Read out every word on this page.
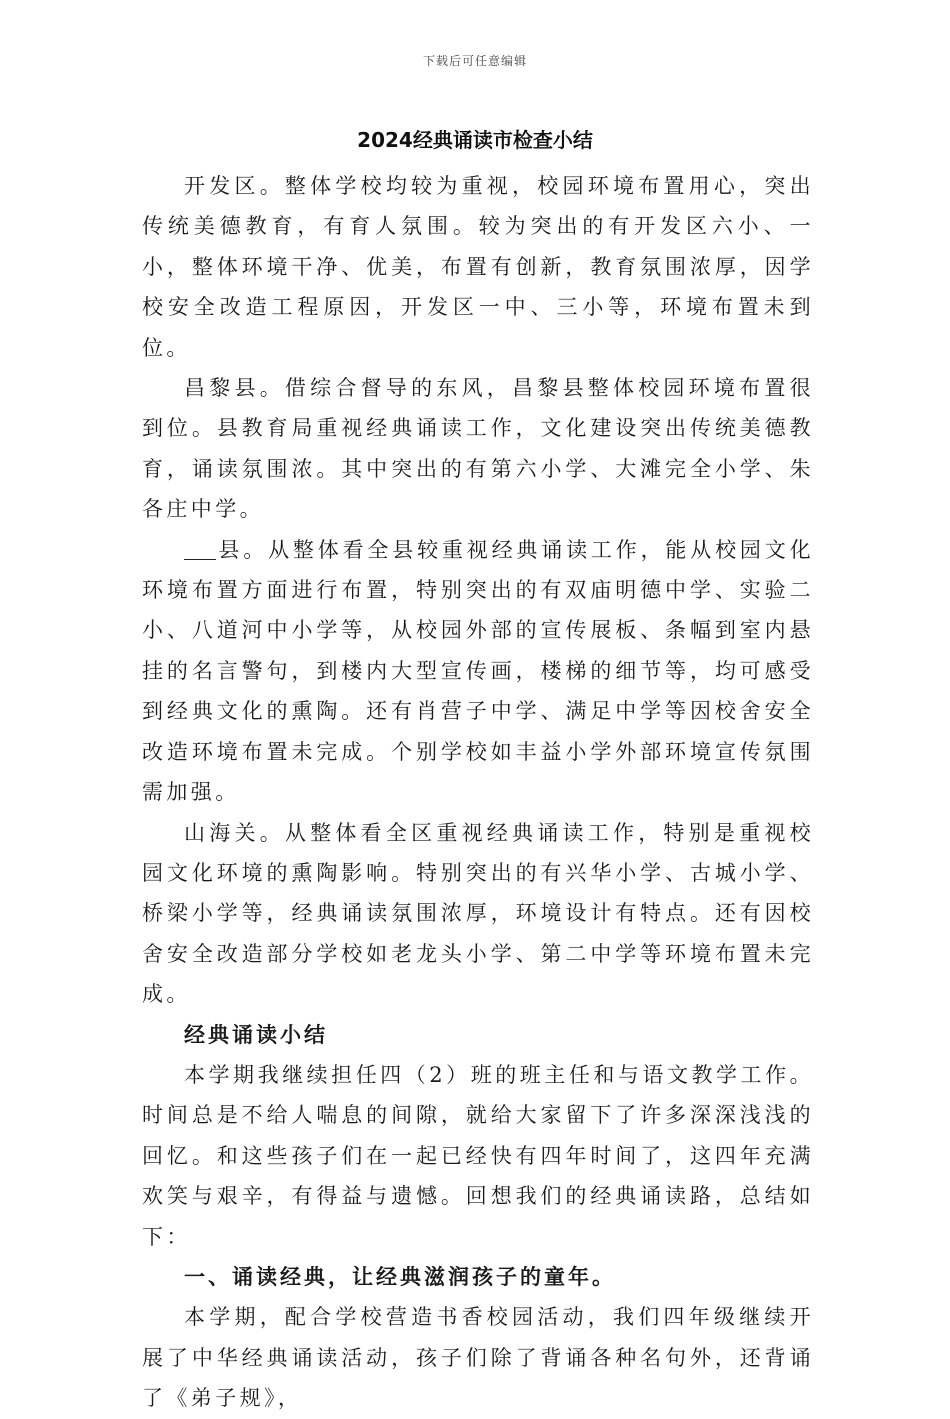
下载后可任意编辑
2024经典诵读市检查小结

开发区。整体学校均较为重视，校园环境布置用心，突出传统美德教育，有育人氛围。较为突出的有开发区六小、一小，整体环境干净、优美，布置有创新，教育氛围浓厚，因学校安全改造工程原因，开发区一中、三小等，环境布置未到位。

昌黎县。借综合督导的东风，昌黎县整体校园环境布置很到位。县教育局重视经典诵读工作，文化建设突出传统美德教育，诵读氛围浓。其中突出的有第六小学、大滩完全小学、朱各庄中学。

县。从整体看全县较重视经典诵读工作，能从校园文化环境布置方面进行布置，特别突出的有双庙明德中学、实验二小、八道河中小学等，从校园外部的宣传展板、条幅到室内悬挂的名言警句，到楼内大型宣传画，楼梯的细节等，均可感受到经典文化的熏陶。还有肖营子中学、满足中学等因校舍安全改造环境布置未完成。个别学校如丰益小学外部环境宣传氛围需加强。

山海关。从整体看全区重视经典诵读工作，特别是重视校园文化环境的熏陶影响。特别突出的有兴华小学、古城小学、桥梁小学等，经典诵读氛围浓厚，环境设计有特点。还有因校舍安全改造部分学校如老龙头小学、第二中学等环境布置未完成。

经典诵读小结

本学期我继续担任四（2）班的班主任和与语文教学工作。时间总是不给人喘息的间隙，就给大家留下了许多深深浅浅的回忆。和这些孩子们在一起已经快有四年时间了，这四年充满欢笑与艰辛，有得益与遗憾。回想我们的经典诵读路，总结如下：

一、诵读经典，让经典滋润孩子的童年。

本学期，配合学校营造书香校园活动，我们四年级继续开展了中华经典诵读活动，孩子们除了背诵各种名句外，还背诵了《弟子规》，
